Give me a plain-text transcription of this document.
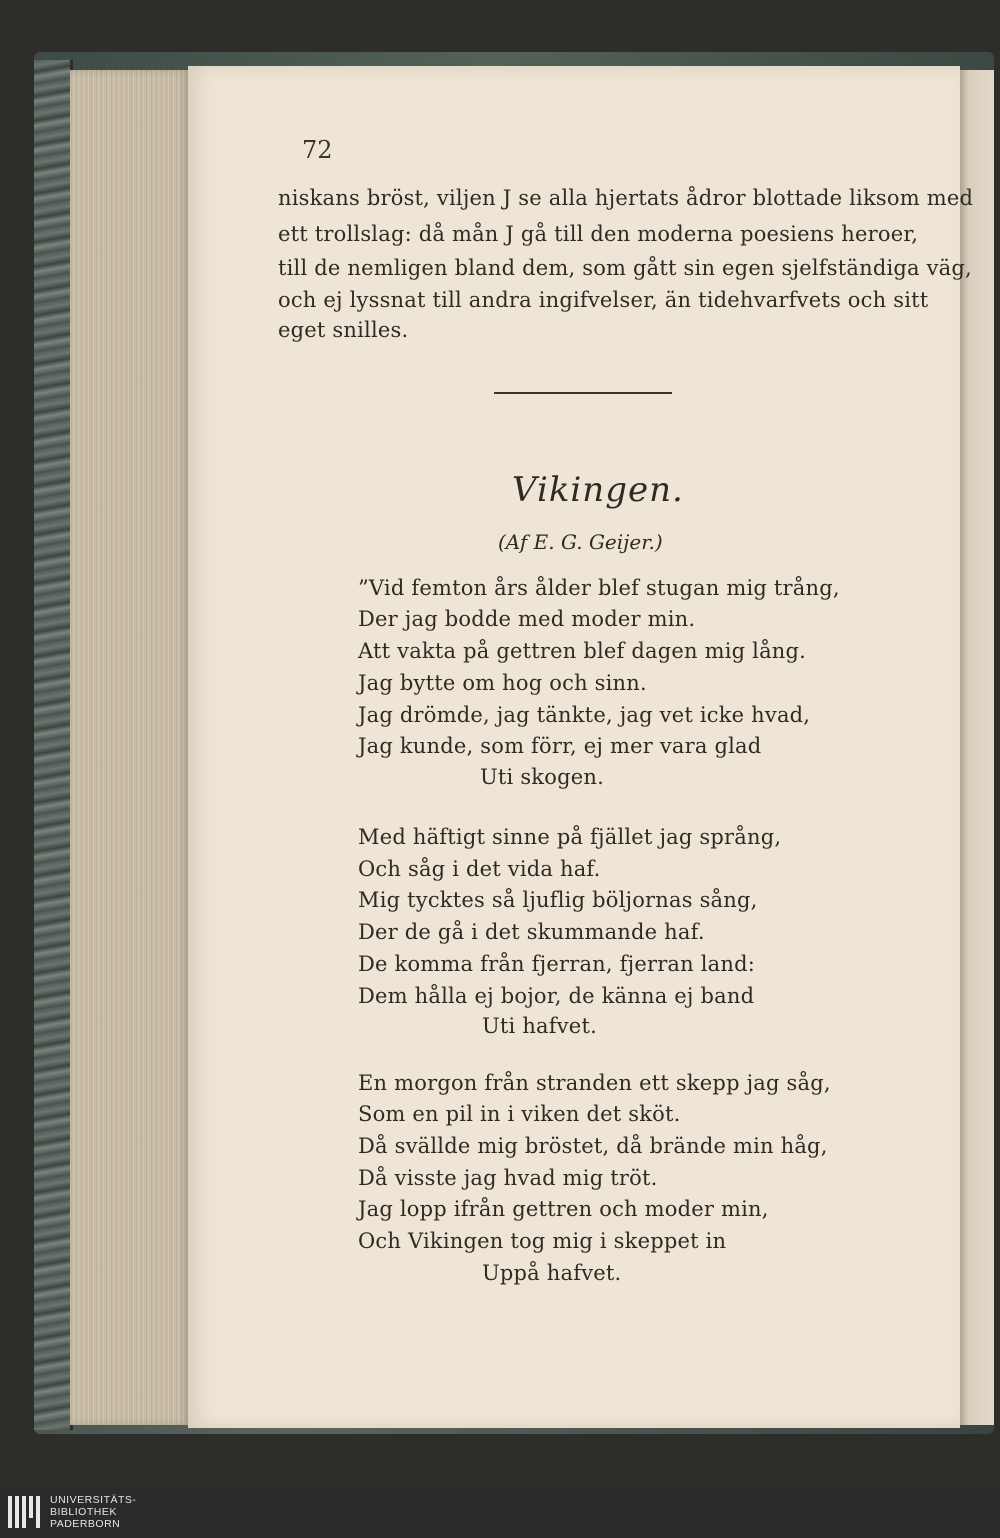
72
niskans bröst, viljen J se alla hjertats ådror blottade liksom med
ett trollslag: då mån J gå till den moderna poesiens heroer,
till de nemligen bland dem, som gått sin egen sjelfständiga väg,
och ej lyssnat till andra ingifvelser, än tidehvarfvets och sitt
eget snilles.
Vikingen.
(Af E. G. Geijer.)
”Vid femton års ålder blef stugan mig trång,
Der jag bodde med moder min.
Att vakta på gettren blef dagen mig lång.
Jag bytte om hog och sinn.
Jag drömde, jag tänkte, jag vet icke hvad,
Jag kunde, som förr, ej mer vara glad
Uti skogen.
Med häftigt sinne på fjället jag språng,
Och såg i det vida haf.
Mig tycktes så ljuflig böljornas sång,
Der de gå i det skummande haf.
De komma från fjerran, fjerran land:
Dem hålla ej bojor, de känna ej band
Uti hafvet.
En morgon från stranden ett skepp jag såg,
Som en pil in i viken det sköt.
Då svällde mig bröstet, då brände min håg,
Då visste jag hvad mig tröt.
Jag lopp ifrån gettren och moder min,
Och Vikingen tog mig i skeppet in
Uppå hafvet.
UNIVERSITÄTS-
BIBLIOTHEK
PADERBORN
